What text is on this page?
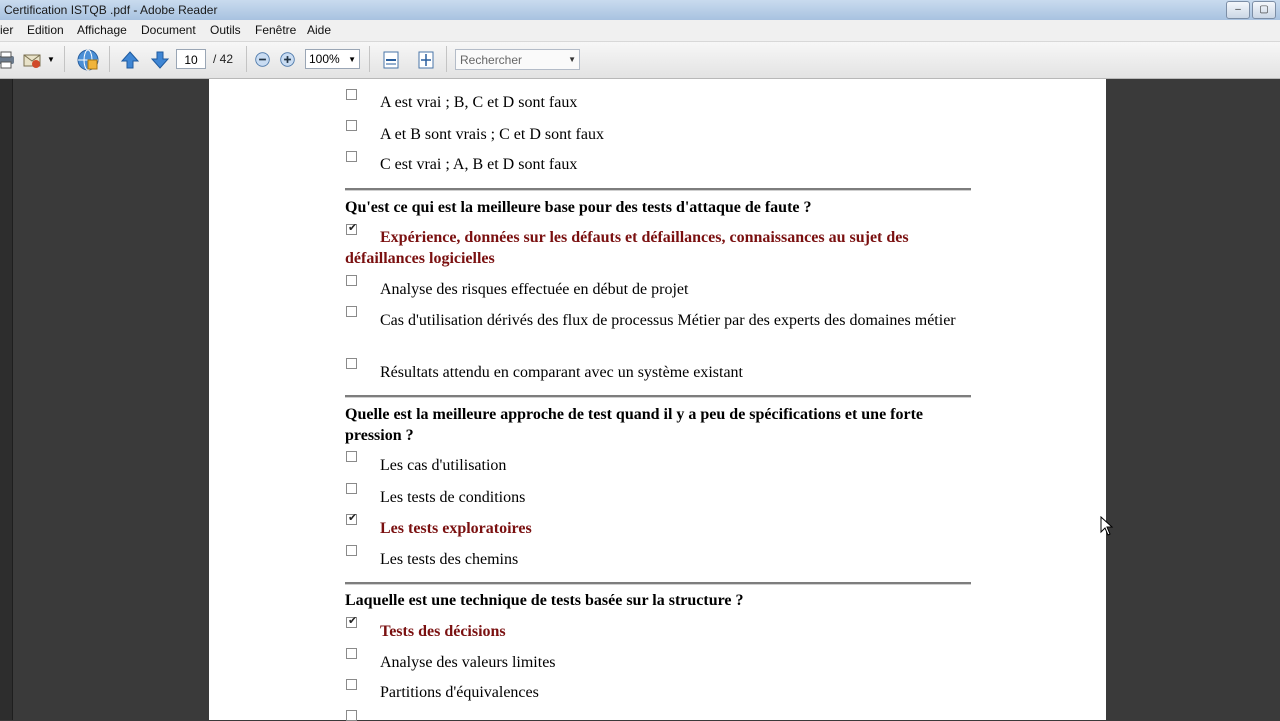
Certification ISTQB .pdf - Adobe Reader	–	▢
ier Edition Affichage Document Outils Fenêtre Aide
▼	10	/ 42	100% ▼	Rechercher	▼
A est vrai ; B, C et D sont faux
A et B sont vrais ; C et D sont faux
C est vrai ; A, B et D sont faux
Qu'est ce qui est la meilleure base pour des tests d'attaque de faute ?
✔
Expérience, données sur les défauts et défaillances, connaissances au sujet des défaillances logicielles
Analyse des risques effectuée en début de projet
Cas d'utilisation dérivés des flux de processus Métier par des experts des domaines métier
Résultats attendu en comparant avec un système existant
Quelle est la meilleure approche de test quand il y a peu de spécifications et une forte pression ?
Les cas d'utilisation
Les tests de conditions
✔
Les tests exploratoires
Les tests des chemins
Laquelle est une technique de tests basée sur la structure ?
✔
Tests des décisions
Analyse des valeurs limites
Partitions d'équivalences
